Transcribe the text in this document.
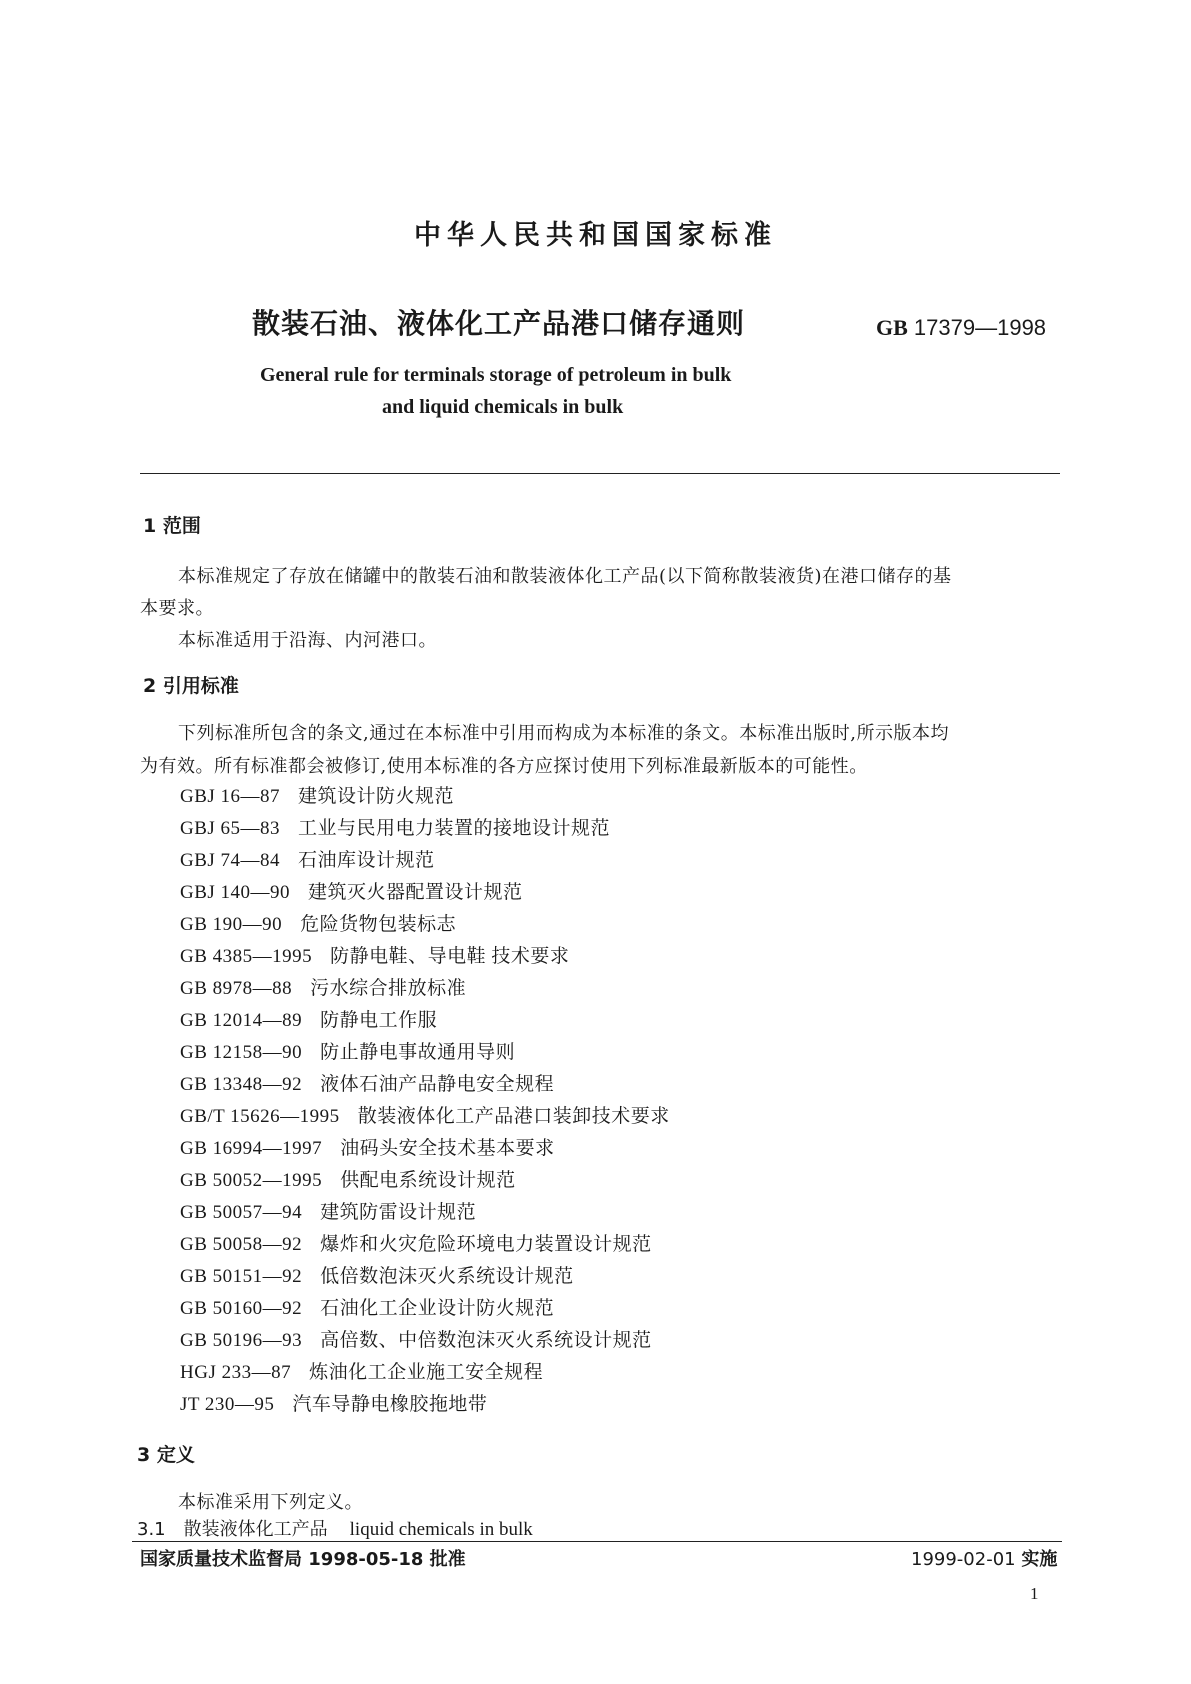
中华人民共和国国家标准
散装石油、液体化工产品港口储存通则	GB 17379—1998
General rule for terminals storage of petroleum in bulk
and liquid chemicals in bulk
1 范围
本标准规定了存放在储罐中的散装石油和散装液体化工产品(以下简称散装液货)在港口储存的基
本要求。
本标准适用于沿海、内河港口。
2 引用标准
下列标准所包含的条文,通过在本标准中引用而构成为本标准的条文。本标准出版时,所示版本均
为有效。所有标准都会被修订,使用本标准的各方应探讨使用下列标准最新版本的可能性。
GBJ 16—87 建筑设计防火规范
GBJ 65—83 工业与民用电力装置的接地设计规范
GBJ 74—84 石油库设计规范
GBJ 140—90 建筑灭火器配置设计规范
GB 190—90 危险货物包装标志
GB 4385—1995 防静电鞋、导电鞋 技术要求
GB 8978—88 污水综合排放标准
GB 12014—89 防静电工作服
GB 12158—90 防止静电事故通用导则
GB 13348—92 液体石油产品静电安全规程
GB/T 15626—1995 散装液体化工产品港口装卸技术要求
GB 16994—1997 油码头安全技术基本要求
GB 50052—1995 供配电系统设计规范
GB 50057—94 建筑防雷设计规范
GB 50058—92 爆炸和火灾危险环境电力装置设计规范
GB 50151—92 低倍数泡沫灭火系统设计规范
GB 50160—92 石油化工企业设计防火规范
GB 50196—93 高倍数、中倍数泡沫灭火系统设计规范
HGJ 233—87 炼油化工企业施工安全规程
JT 230—95 汽车导静电橡胶拖地带
3 定义
本标准采用下列定义。
3.1 散装液体化工产品 liquid chemicals in bulk
国家质量技术监督局 1998-05-18 批准	1999-02-01 实施
1
